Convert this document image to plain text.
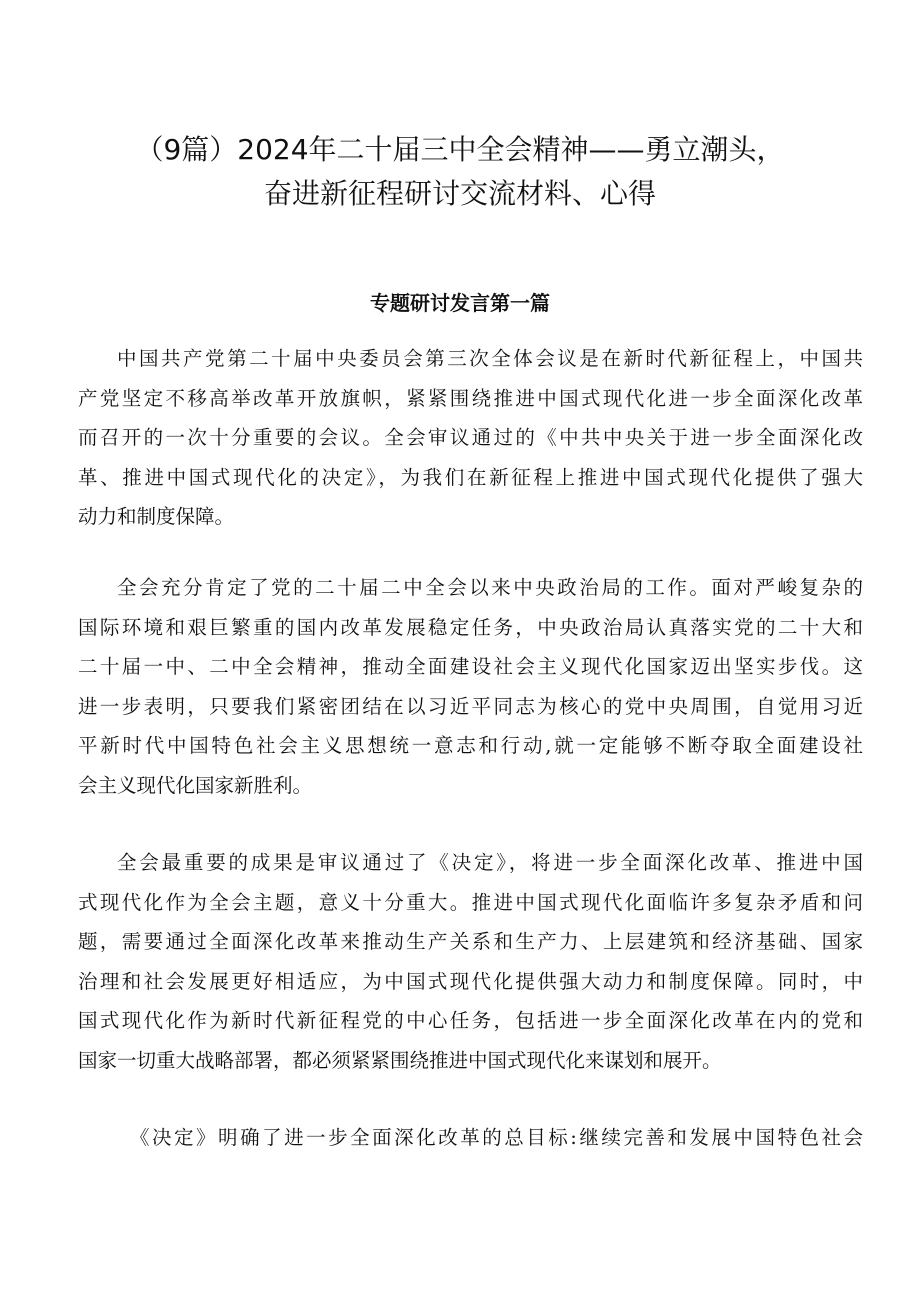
（9篇）2024年二十届三中全会精神——勇立潮头，
奋进新征程研讨交流材料、心得
专题研讨发言第一篇

中国共产党第二十届中央委员会第三次全体会议是在新时代新征程上，中国共
产党坚定不移高举改革开放旗帜，紧紧围绕推进中国式现代化进一步全面深化改革
而召开的一次十分重要的会议。全会审议通过的《中共中央关于进一步全面深化改
革、推进中国式现代化的决定》，为我们在新征程上推进中国式现代化提供了强大
动力和制度保障。

全会充分肯定了党的二十届二中全会以来中央政治局的工作。面对严峻复杂的
国际环境和艰巨繁重的国内改革发展稳定任务，中央政治局认真落实党的二十大和
二十届一中、二中全会精神，推动全面建设社会主义现代化国家迈出坚实步伐。这
进一步表明，只要我们紧密团结在以习近平同志为核心的党中央周围，自觉用习近
平新时代中国特色社会主义思想统一意志和行动,就一定能够不断夺取全面建设社
会主义现代化国家新胜利。

全会最重要的成果是审议通过了《决定》，将进一步全面深化改革、推进中国
式现代化作为全会主题，意义十分重大。推进中国式现代化面临许多复杂矛盾和问
题，需要通过全面深化改革来推动生产关系和生产力、上层建筑和经济基础、国家
治理和社会发展更好相适应，为中国式现代化提供强大动力和制度保障。同时，中
国式现代化作为新时代新征程党的中心任务，包括进一步全面深化改革在内的党和
国家一切重大战略部署，都必须紧紧围绕推进中国式现代化来谋划和展开。

《决定》明确了进一步全面深化改革的总目标:继续完善和发展中国特色社会
